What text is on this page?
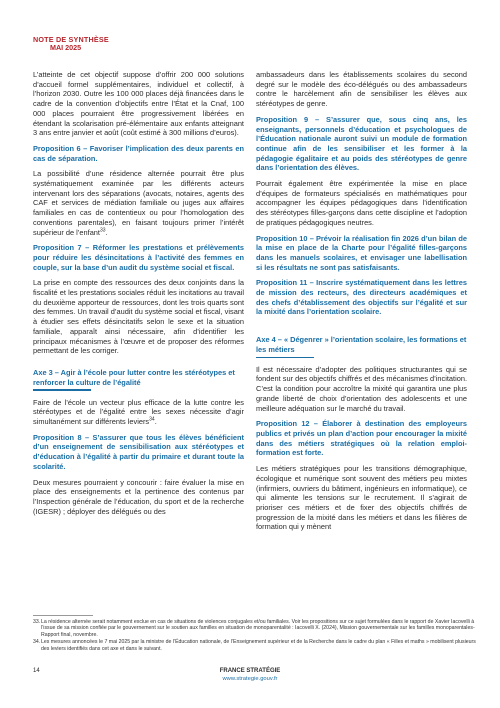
NOTE DE SYNTHÈSE
MAI 2025

L’atteinte de cet objectif suppose d’offrir 200 000 solutions d’accueil formel supplémentaires, individuel et collectif, à l’horizon 2030. Outre les 100 000 places déjà financées dans le cadre de la convention d’objectifs entre l’État et la Cnaf, 100 000 places pourraient être progressivement libérées en étendant la scolarisation pré-élémentaire aux enfants atteignant 3 ans entre janvier et août (coût estimé à 300 millions d’euros).

Proposition 6 – Favoriser l’implication des deux parents en cas de séparation.

La possibilité d’une résidence alternée pourrait être plus systématiquement examinée par les différents acteurs intervenant lors des séparations (avocats, notaires, agents des CAF et services de médiation familiale ou juges aux affaires familiales en cas de contentieux ou pour l’homologation des conventions parentales), en faisant toujours primer l’intérêt supérieur de l’enfant$^{33}$.

Proposition 7 – Réformer les prestations et prélèvements pour réduire les désincitations à l’activité des femmes en couple, sur la base d’un audit du système social et fiscal.

La prise en compte des ressources des deux conjoints dans la fiscalité et les prestations sociales réduit les incitations au travail du deuxième apporteur de ressources, dont les trois quarts sont des femmes. Un travail d’audit du système social et fiscal, visant à étudier ses effets désincitatifs selon le sexe et la situation familiale, apparaît ainsi nécessaire, afin d’identifier les principaux mécanismes à l’œuvre et de proposer des réformes permettant de les corriger.

Axe 3 – Agir à l’école pour lutter contre les stéréotypes et renforcer la culture de l’égalité

Faire de l’école un vecteur plus efficace de la lutte contre les stéréotypes et de l’égalité entre les sexes nécessite d’agir simultanément sur différents leviers$^{34}$.

Proposition 8 – S’assurer que tous les élèves bénéficient d’un enseignement de sensibilisation aux stéréotypes et d’éducation à l’égalité à partir du primaire et durant toute la scolarité.

Deux mesures pourraient y concourir : faire évaluer la mise en place des enseignements et la pertinence des contenus par l’Inspection générale de l’éducation, du sport et de la recherche (IGESR) ; déployer des délégués ou des

ambassadeurs dans les établissements scolaires du second degré sur le modèle des éco-délégués ou des ambassadeurs contre le harcèlement afin de sensibiliser les élèves aux stéréotypes de genre.

Proposition 9 – S’assurer que, sous cinq ans, les enseignants, personnels d’éducation et psychologues de l’Éducation nationale auront suivi un module de formation continue afin de les sensibiliser et les former à la pédagogie égalitaire et au poids des stéréotypes de genre dans l’orientation des élèves.

Pourrait également être expérimentée la mise en place d’équipes de formateurs spécialisés en mathématiques pour accompagner les équipes pédagogiques dans l’identification des stéréotypes filles-garçons dans cette discipline et l’adoption de pratiques pédagogiques neutres.

Proposition 10 – Prévoir la réalisation fin 2026 d’un bilan de la mise en place de la Charte pour l’égalité filles-garçons dans les manuels scolaires, et envisager une labellisation si les résultats ne sont pas satisfaisants.
Proposition 11 – Inscrire systématiquement dans les lettres de mission des recteurs, des directeurs académiques et des chefs d’établissement des objectifs sur l’égalité et sur la mixité dans l’orientation scolaire.
Axe 4 – « Dégenrer » l’orientation scolaire, les formations et les métiers

Il est nécessaire d’adopter des politiques structurantes qui se fondent sur des objectifs chiffrés et des mécanismes d’incitation. C’est la condition pour accroître la mixité qui garantira une plus grande liberté de choix d’orientation des adolescents et une meilleure adéquation sur le marché du travail.

Proposition 12 – Élaborer à destination des employeurs publics et privés un plan d’action pour encourager la mixité dans des métiers stratégiques où la relation emploi-formation est forte.

Les métiers stratégiques pour les transitions démographique, écologique et numérique sont souvent des métiers peu mixtes (infirmiers, ouvriers du bâtiment, ingénieurs en informatique), ce qui alimente les tensions sur le recrutement. Il s’agirait de prioriser ces métiers et de fixer des objectifs chiffrés de progression de la mixité dans les métiers et dans les filières de formation qui y mènent

33. La résidence alternée serait notamment exclue en cas de situations de violences conjugales et/ou familiales. Voir les propositions sur ce sujet formulées dans le rapport de Xavier Iacovelli à l’issue de sa mission confiée par le gouvernement sur le soutien aux familles en situation de monoparentalité : Iacovelli X. (2024), Mission gouvernementale sur les familles monoparentales-Rapport final, novembre.
34. Les mesures annoncées le 7 mai 2025 par la ministre de l’Éducation nationale, de l’Enseignement supérieur et de la Recherche dans le cadre du plan « Filles et maths » mobilisent plusieurs des leviers identifiés dans cet axe et dans le suivant.
14	FRANCE STRATÉGIE
www.strategie.gouv.fr
